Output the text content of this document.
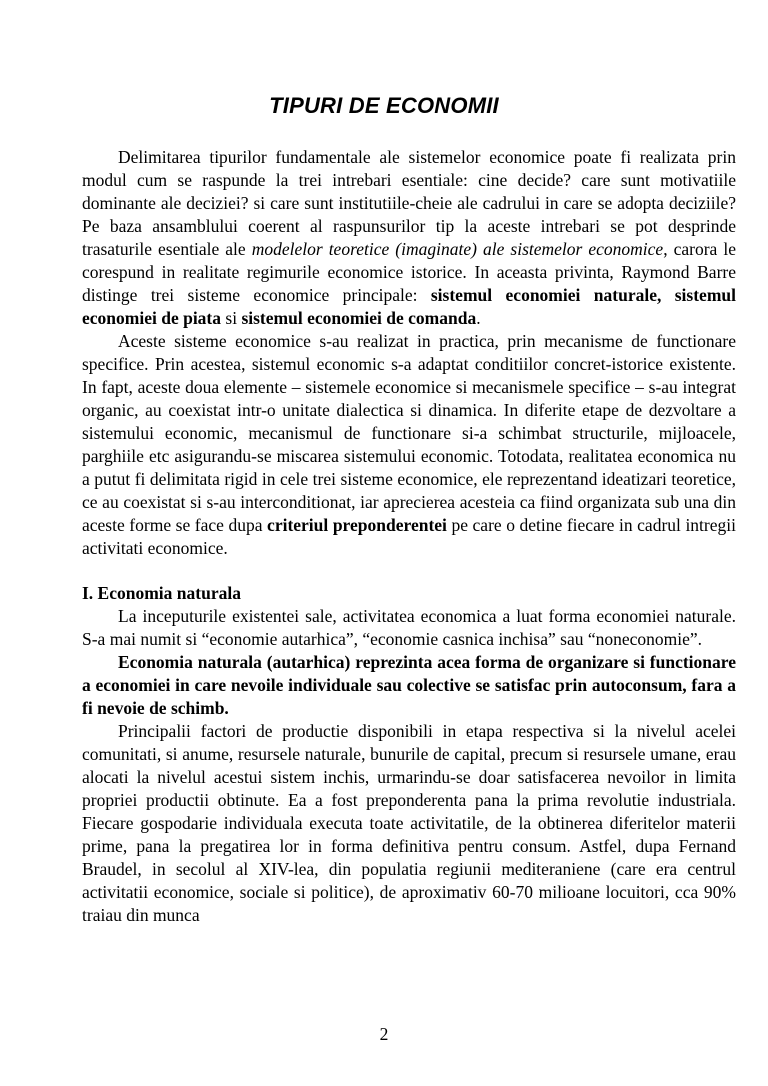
TIPURI DE ECONOMII

Delimitarea tipurilor fundamentale ale sistemelor economice poate fi realizata prin modul cum se raspunde la trei intrebari esentiale: cine decide? care sunt motivatiile dominante ale deciziei? si care sunt institutiile-cheie ale cadrului in care se adopta deciziile? Pe baza ansamblului coerent al raspunsurilor tip la aceste intrebari se pot desprinde trasaturile esentiale ale modelelor teoretice (imaginate) ale sistemelor economice, carora le corespund in realitate regimurile economice istorice. In aceasta privinta, Raymond Barre distinge trei sisteme economice principale: sistemul economiei naturale, sistemul economiei de piata si sistemul economiei de comanda.

Aceste sisteme economice s-au realizat in practica, prin mecanisme de functionare specifice. Prin acestea, sistemul economic s-a adaptat conditiilor concret-istorice existente. In fapt, aceste doua elemente – sistemele economice si mecanismele specifice – s-au integrat organic, au coexistat intr-o unitate dialectica si dinamica. In diferite etape de dezvoltare a sistemului economic, mecanismul de functionare si-a schimbat structurile, mijloacele, parghiile etc asigurandu-se miscarea sistemului economic. Totodata, realitatea economica nu a putut fi delimitata rigid in cele trei sisteme economice, ele reprezentand ideatizari teoretice, ce au coexistat si s-au interconditionat, iar aprecierea acesteia ca fiind organizata sub una din aceste forme se face dupa criteriul preponderentei pe care o detine fiecare in cadrul intregii activitati economice.

I. Economia naturala

La inceputurile existentei sale, activitatea economica a luat forma economiei naturale. S-a mai numit si “economie autarhica”, “economie casnica inchisa” sau “noneconomie”.

Economia naturala (autarhica) reprezinta acea forma de organizare si functionare a economiei in care nevoile individuale sau colective se satisfac prin autoconsum, fara a fi nevoie de schimb.

Principalii factori de productie disponibili in etapa respectiva si la nivelul acelei comunitati, si anume, resursele naturale, bunurile de capital, precum si resursele umane, erau alocati la nivelul acestui sistem inchis, urmarindu-se doar satisfacerea nevoilor in limita propriei productii obtinute. Ea a fost preponderenta pana la prima revolutie industriala. Fiecare gospodarie individuala executa toate activitatile, de la obtinerea diferitelor materii prime, pana la pregatirea lor in forma definitiva pentru consum. Astfel, dupa Fernand Braudel, in secolul al XIV-lea, din populatia regiunii mediteraniene (care era centrul activitatii economice, sociale si politice), de aproximativ 60-70 milioane locuitori, cca 90% traiau din munca

2
